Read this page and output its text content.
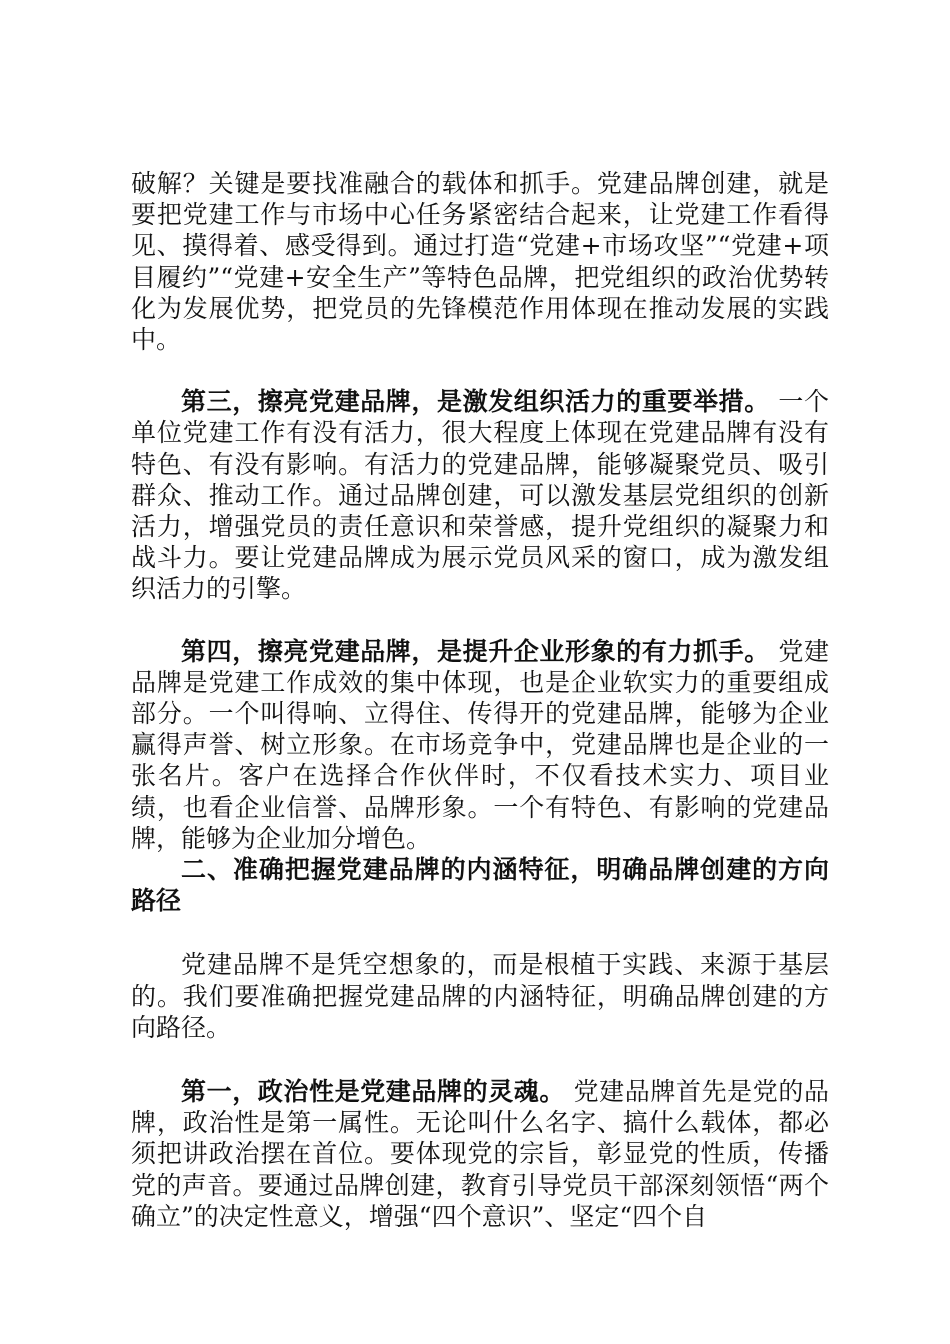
破解？关键是要找准融合的载体和抓手。党建品牌创建，就是要把党建工作与市场中心任务紧密结合起来，让党建工作看得见、摸得着、感受得到。通过打造“党建+市场攻坚”“党建+项目履约”“党建+安全生产”等特色品牌，把党组织的政治优势转化为发展优势，把党员的先锋模范作用体现在推动发展的实践中。

第三，擦亮党建品牌，是激发组织活力的重要举措。 一个单位党建工作有没有活力，很大程度上体现在党建品牌有没有特色、有没有影响。有活力的党建品牌，能够凝聚党员、吸引群众、推动工作。通过品牌创建，可以激发基层党组织的创新活力，增强党员的责任意识和荣誉感，提升党组织的凝聚力和战斗力。要让党建品牌成为展示党员风采的窗口，成为激发组织活力的引擎。

第四，擦亮党建品牌，是提升企业形象的有力抓手。 党建品牌是党建工作成效的集中体现，也是企业软实力的重要组成部分。一个叫得响、立得住、传得开的党建品牌，能够为企业赢得声誉、树立形象。在市场竞争中，党建品牌也是企业的一张名片。客户在选择合作伙伴时，不仅看技术实力、项目业绩，也看企业信誉、品牌形象。一个有特色、有影响的党建品牌，能够为企业加分增色。

二、准确把握党建品牌的内涵特征，明确品牌创建的方向路径

党建品牌不是凭空想象的，而是根植于实践、来源于基层的。我们要准确把握党建品牌的内涵特征，明确品牌创建的方向路径。

第一，政治性是党建品牌的灵魂。 党建品牌首先是党的品牌，政治性是第一属性。无论叫什么名字、搞什么载体，都必须把讲政治摆在首位。要体现党的宗旨，彰显党的性质，传播党的声音。要通过品牌创建，教育引导党员干部深刻领悟“两个确立”的决定性意义，增强“四个意识”、坚定“四个自
